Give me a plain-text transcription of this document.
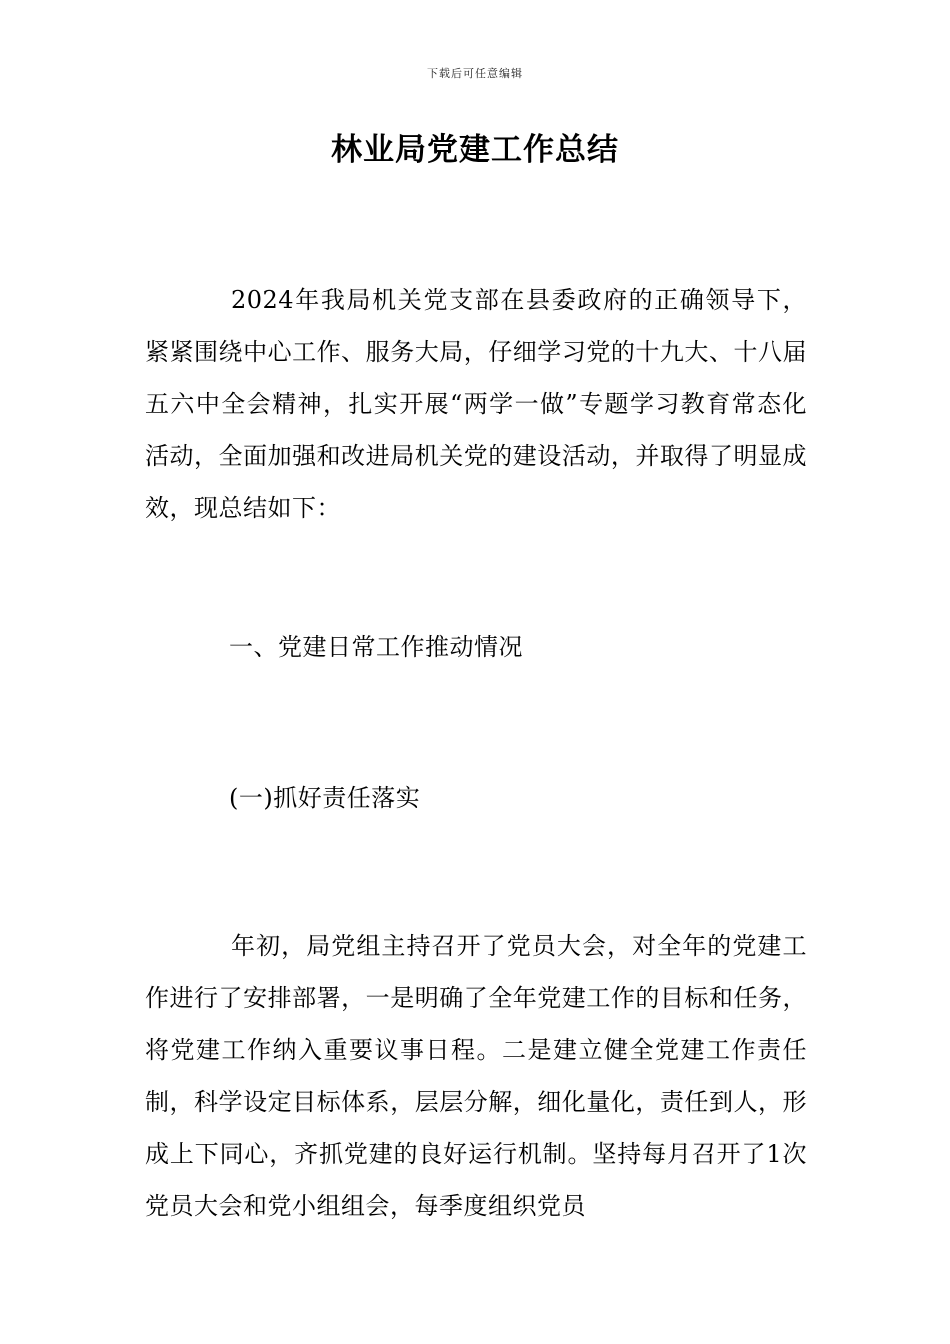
下载后可任意编辑
林业局党建工作总结

2024年我局机关党支部在县委政府的正确领导下，紧紧围绕中心工作、服务大局，仔细学习党的十九大、十八届五六中全会精神，扎实开展“两学一做”专题学习教育常态化活动，全面加强和改进局机关党的建设活动，并取得了明显成效，现总结如下：

一、党建日常工作推动情况

(一)抓好责任落实

年初，局党组主持召开了党员大会，对全年的党建工作进行了安排部署，一是明确了全年党建工作的目标和任务，将党建工作纳入重要议事日程。二是建立健全党建工作责任制，科学设定目标体系，层层分解，细化量化，责任到人，形成上下同心，齐抓党建的良好运行机制。坚持每月召开了1次党员大会和党小组组会，每季度组织党员
